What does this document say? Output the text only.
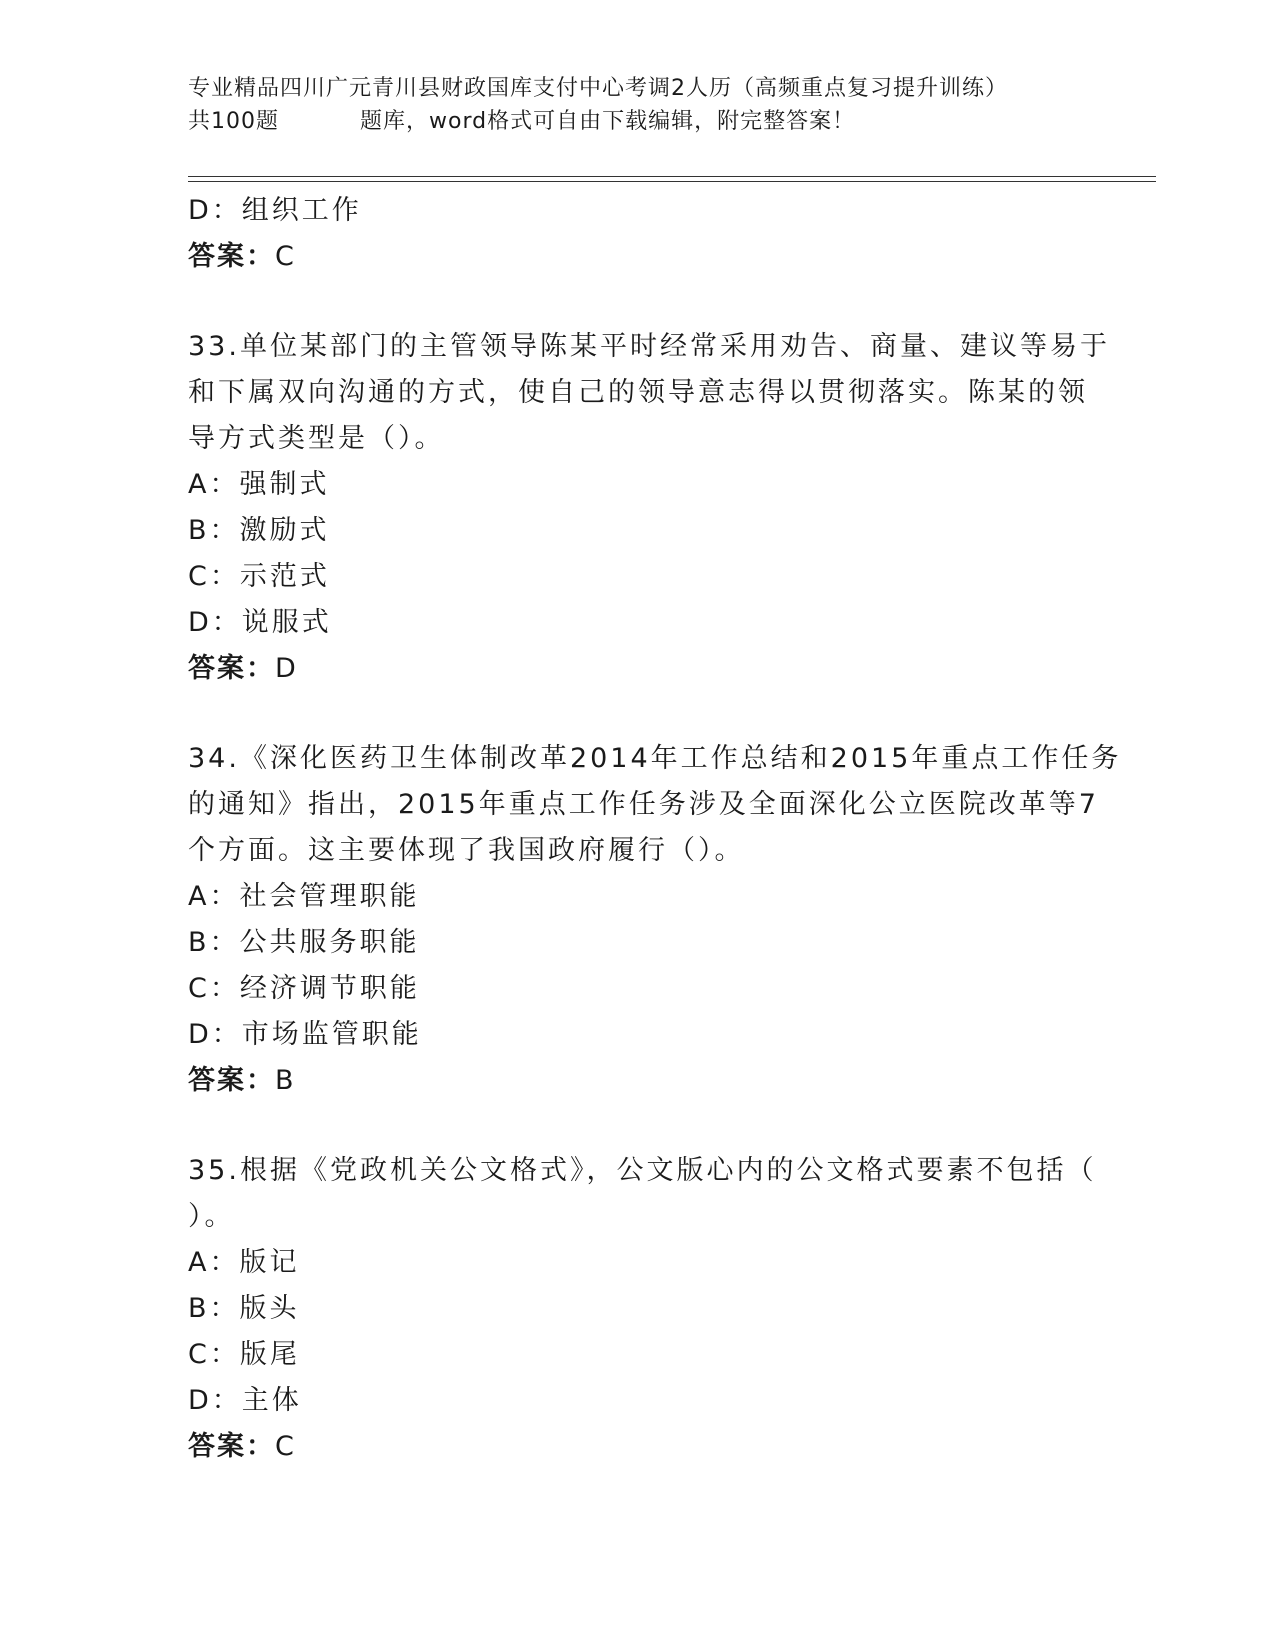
专业精品四川广元青川县财政国库支付中心考调2人历（高频重点复习提升训练）
共100题	题库，word格式可自由下载编辑，附完整答案！
D：组织工作
答案：C
33.单位某部门的主管领导陈某平时经常采用劝告、商量、建议等易于
和下属双向沟通的方式，使自己的领导意志得以贯彻落实。陈某的领
导方式类型是（）。
A：强制式
B：激励式
C：示范式
D：说服式
答案：D
34.《深化医药卫生体制改革2014年工作总结和2015年重点工作任务
的通知》指出，2015年重点工作任务涉及全面深化公立医院改革等7
个方面。这主要体现了我国政府履行（）。
A：社会管理职能
B：公共服务职能
C：经济调节职能
D：市场监管职能
答案：B
35.根据《党政机关公文格式》，公文版心内的公文格式要素不包括（
）。
A：版记
B：版头
C：版尾
D：主体
答案：C
